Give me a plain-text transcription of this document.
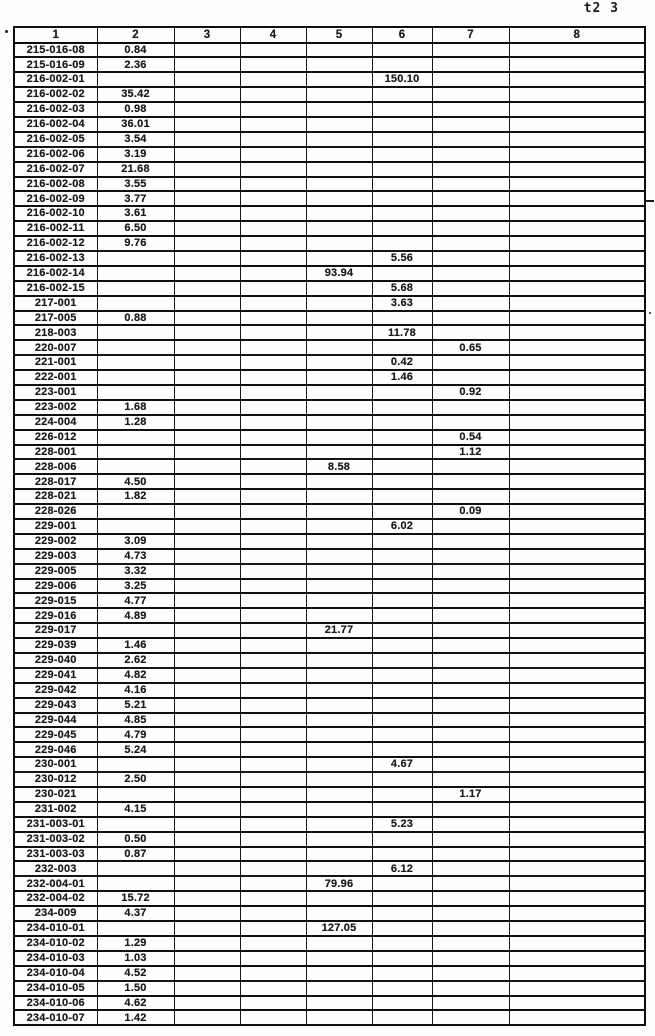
t2 3
1	2	3	4	5	6	7	8
215-016-08	0.84						
215-016-09	2.36						
216-002-01					150.10		
216-002-02	35.42						
216-002-03	0.98						
216-002-04	36.01						
216-002-05	3.54						
216-002-06	3.19						
216-002-07	21.68						
216-002-08	3.55						
216-002-09	3.77						
216-002-10	3.61						
216-002-11	6.50						
216-002-12	9.76						
216-002-13					5.56		
216-002-14				93.94			
216-002-15					5.68		
217-001					3.63		
217-005	0.88						
218-003					11.78		
220-007						0.65	
221-001					0.42		
222-001					1.46		
223-001						0.92	
223-002	1.68						
224-004	1.28						
226-012						0.54	
228-001						1.12	
228-006				8.58			
228-017	4.50						
228-021	1.82						
228-026						0.09	
229-001					6.02		
229-002	3.09						
229-003	4.73						
229-005	3.32						
229-006	3.25						
229-015	4.77						
229-016	4.89						
229-017				21.77			
229-039	1.46						
229-040	2.62						
229-041	4.82						
229-042	4.16						
229-043	5.21						
229-044	4.85						
229-045	4.79						
229-046	5.24						
230-001					4.67		
230-012	2.50						
230-021						1.17	
231-002	4.15						
231-003-01					5.23		
231-003-02	0.50						
231-003-03	0.87						
232-003					6.12		
232-004-01				79.96			
232-004-02	15.72						
234-009	4.37						
234-010-01				127.05			
234-010-02	1.29						
234-010-03	1.03						
234-010-04	4.52						
234-010-05	1.50						
234-010-06	4.62						
234-010-07	1.42						
